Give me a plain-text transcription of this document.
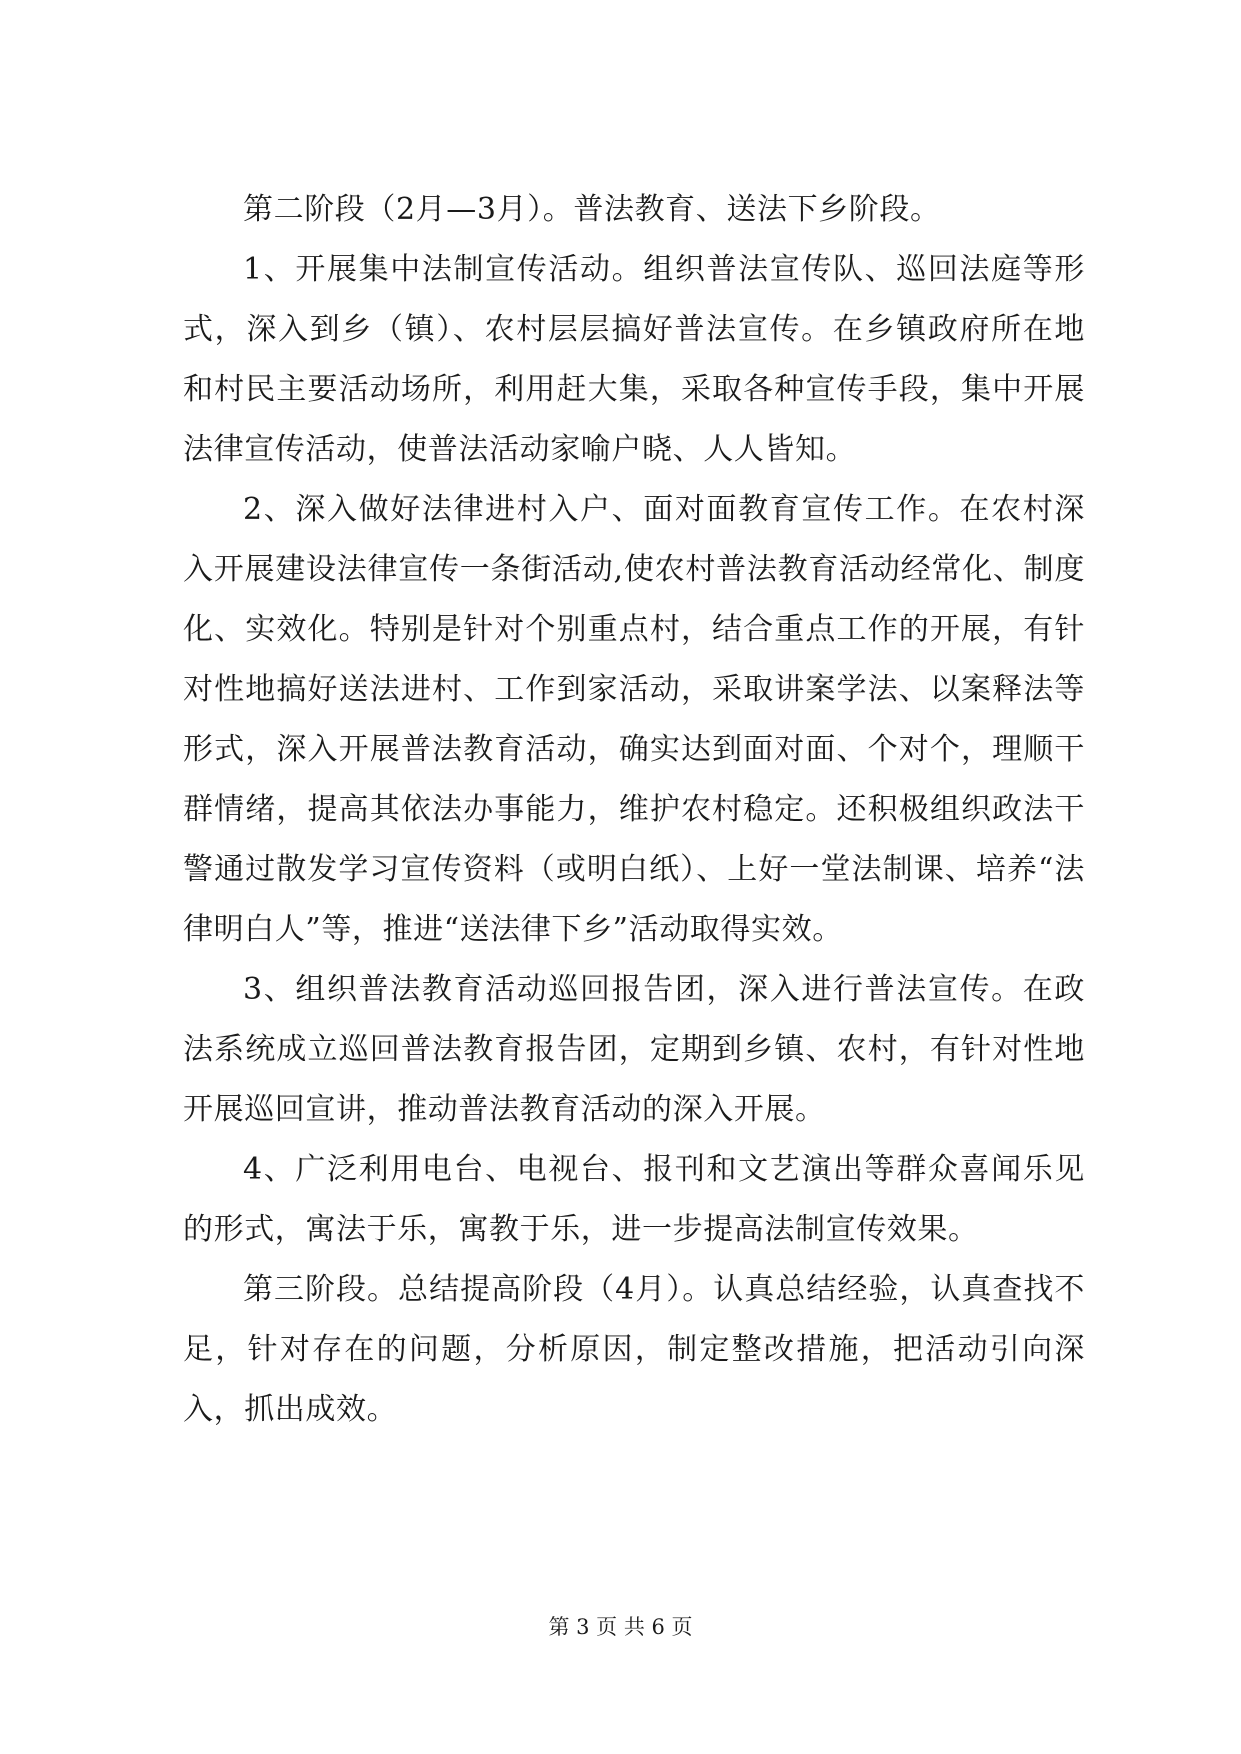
第二阶段（2月—3月）。普法教育、送法下乡阶段。

1、开展集中法制宣传活动。组织普法宣传队、巡回法庭等形式，深入到乡（镇）、农村层层搞好普法宣传。在乡镇政府所在地和村民主要活动场所，利用赶大集，采取各种宣传手段，集中开展法律宣传活动，使普法活动家喻户晓、人人皆知。

2、深入做好法律进村入户、面对面教育宣传工作。在农村深入开展建设法律宣传一条街活动,使农村普法教育活动经常化、制度化、实效化。特别是针对个别重点村，结合重点工作的开展，有针对性地搞好送法进村、工作到家活动，采取讲案学法、以案释法等形式，深入开展普法教育活动，确实达到面对面、个对个，理顺干群情绪，提高其依法办事能力，维护农村稳定。还积极组织政法干警通过散发学习宣传资料（或明白纸）、上好一堂法制课、培养“法律明白人”等，推进“送法律下乡”活动取得实效。

3、组织普法教育活动巡回报告团，深入进行普法宣传。在政法系统成立巡回普法教育报告团，定期到乡镇、农村，有针对性地开展巡回宣讲，推动普法教育活动的深入开展。

4、广泛利用电台、电视台、报刊和文艺演出等群众喜闻乐见的形式，寓法于乐，寓教于乐，进一步提高法制宣传效果。

第三阶段。总结提高阶段（4月）。认真总结经验，认真查找不足，针对存在的问题，分析原因，制定整改措施，把活动引向深入，抓出成效。

第 3 页 共 6 页
